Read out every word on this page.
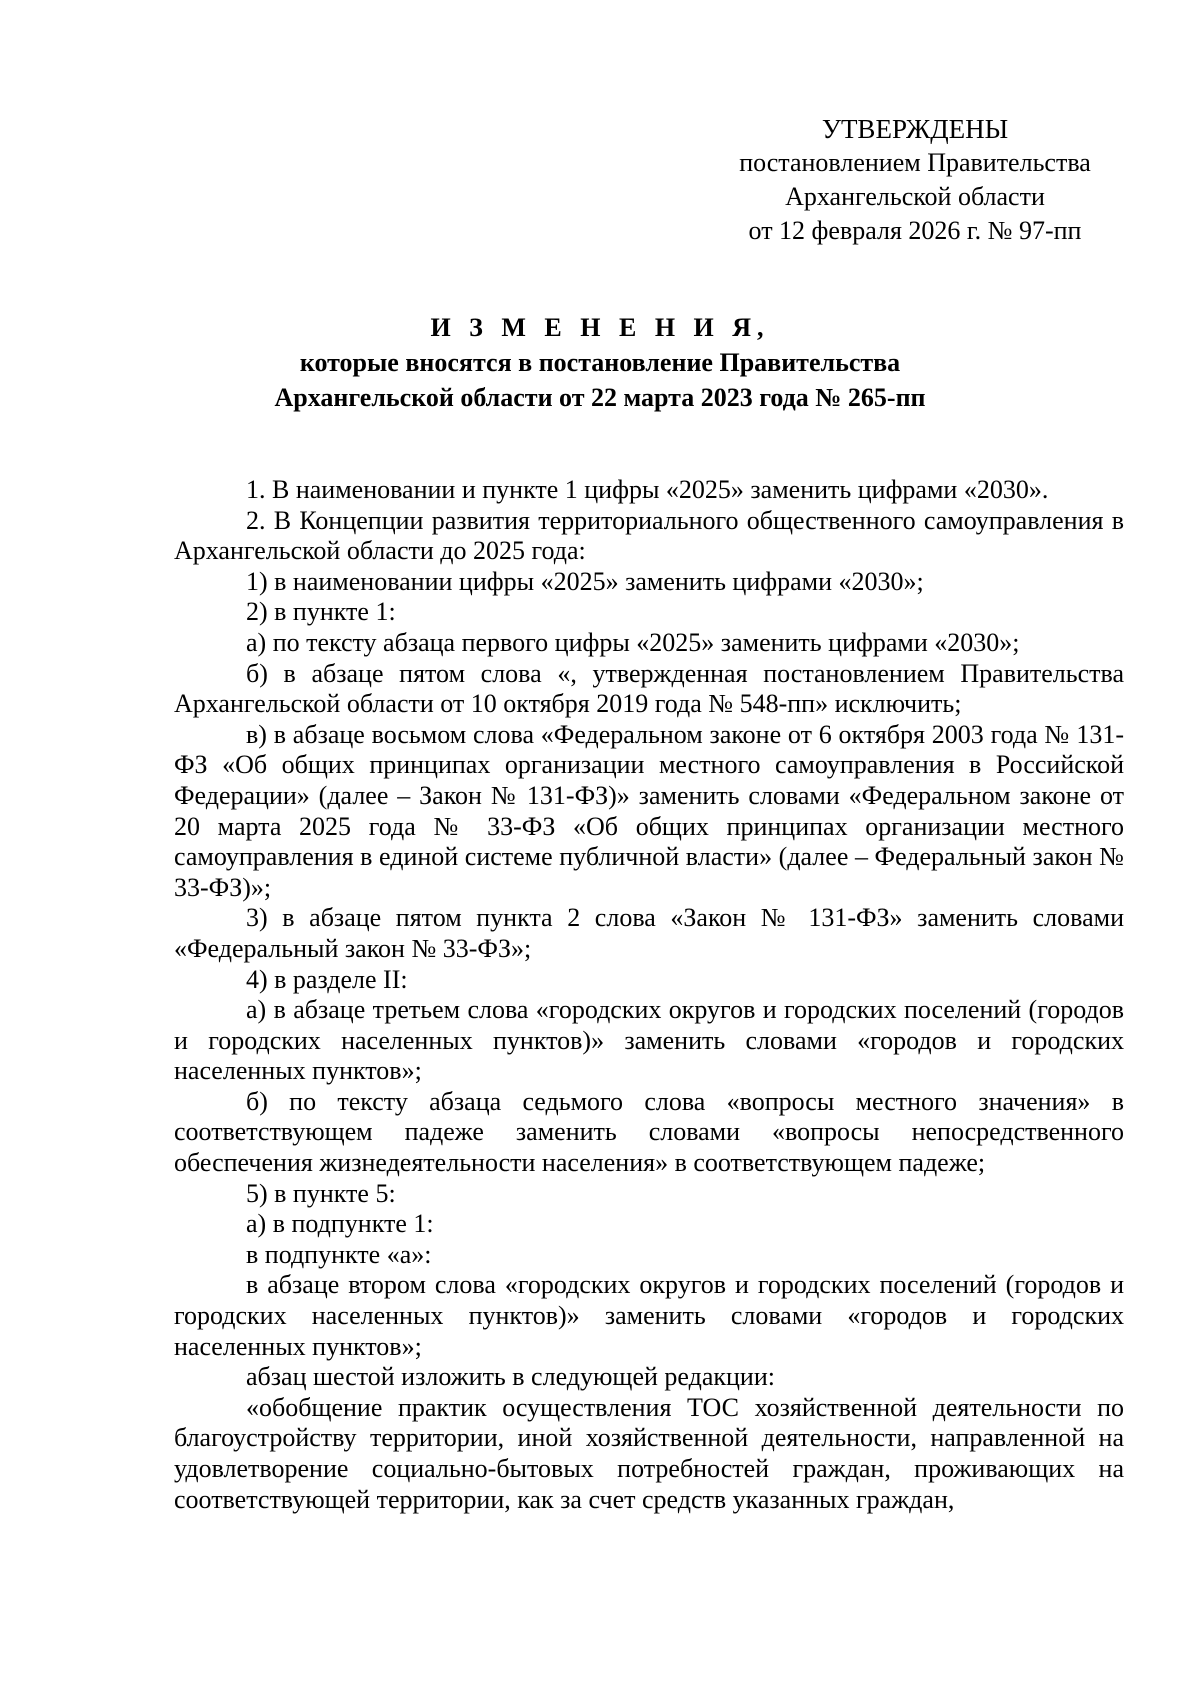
УТВЕРЖДЕНЫ
постановлением Правительства
Архангельской области
от 12 февраля 2026 г. № 97-пп
И З М Е Н Е Н И Я,
которые вносятся в постановление Правительства
Архангельской области от 22 марта 2023 года № 265-пп

1. В наименовании и пункте 1 цифры «2025» заменить цифрами «2030».

2. В Концепции развития территориального общественного самоуправления в Архангельской области до 2025 года:

1) в наименовании цифры «2025» заменить цифрами «2030»;

2) в пункте 1:

а) по тексту абзаца первого цифры «2025» заменить цифрами «2030»;

б) в абзаце пятом слова «, утвержденная постановлением Правительства Архангельской области от 10 октября 2019 года № 548-пп» исключить;

в) в абзаце восьмом слова «Федеральном законе от 6 октября 2003 года № 131-ФЗ «Об общих принципах организации местного самоуправления в Российской Федерации» (далее – Закон № 131-ФЗ)» заменить словами «Федеральном законе от 20 марта 2025 года № 33-ФЗ «Об общих принципах организации местного самоуправления в единой системе публичной власти» (далее – Федеральный закон № 33-ФЗ)»;

3) в абзаце пятом пункта 2 слова «Закон № 131-ФЗ» заменить словами «Федеральный закон № 33-ФЗ»;

4) в разделе II:

а) в абзаце третьем слова «городских округов и городских поселений (городов и городских населенных пунктов)» заменить словами «городов и городских населенных пунктов»;

б) по тексту абзаца седьмого слова «вопросы местного значения» в соответствующем падеже заменить словами «вопросы непосредственного обеспечения жизнедеятельности населения» в соответствующем падеже;

5) в пункте 5:

а) в подпункте 1:

в подпункте «а»:

в абзаце втором слова «городских округов и городских поселений (городов и городских населенных пунктов)» заменить словами «городов и городских населенных пунктов»;

абзац шестой изложить в следующей редакции:

«обобщение практик осуществления ТОС хозяйственной деятельности по благоустройству территории, иной хозяйственной деятельности, направленной на удовлетворение социально-бытовых потребностей граждан, проживающих на соответствующей территории, как за счет средств указанных граждан,
